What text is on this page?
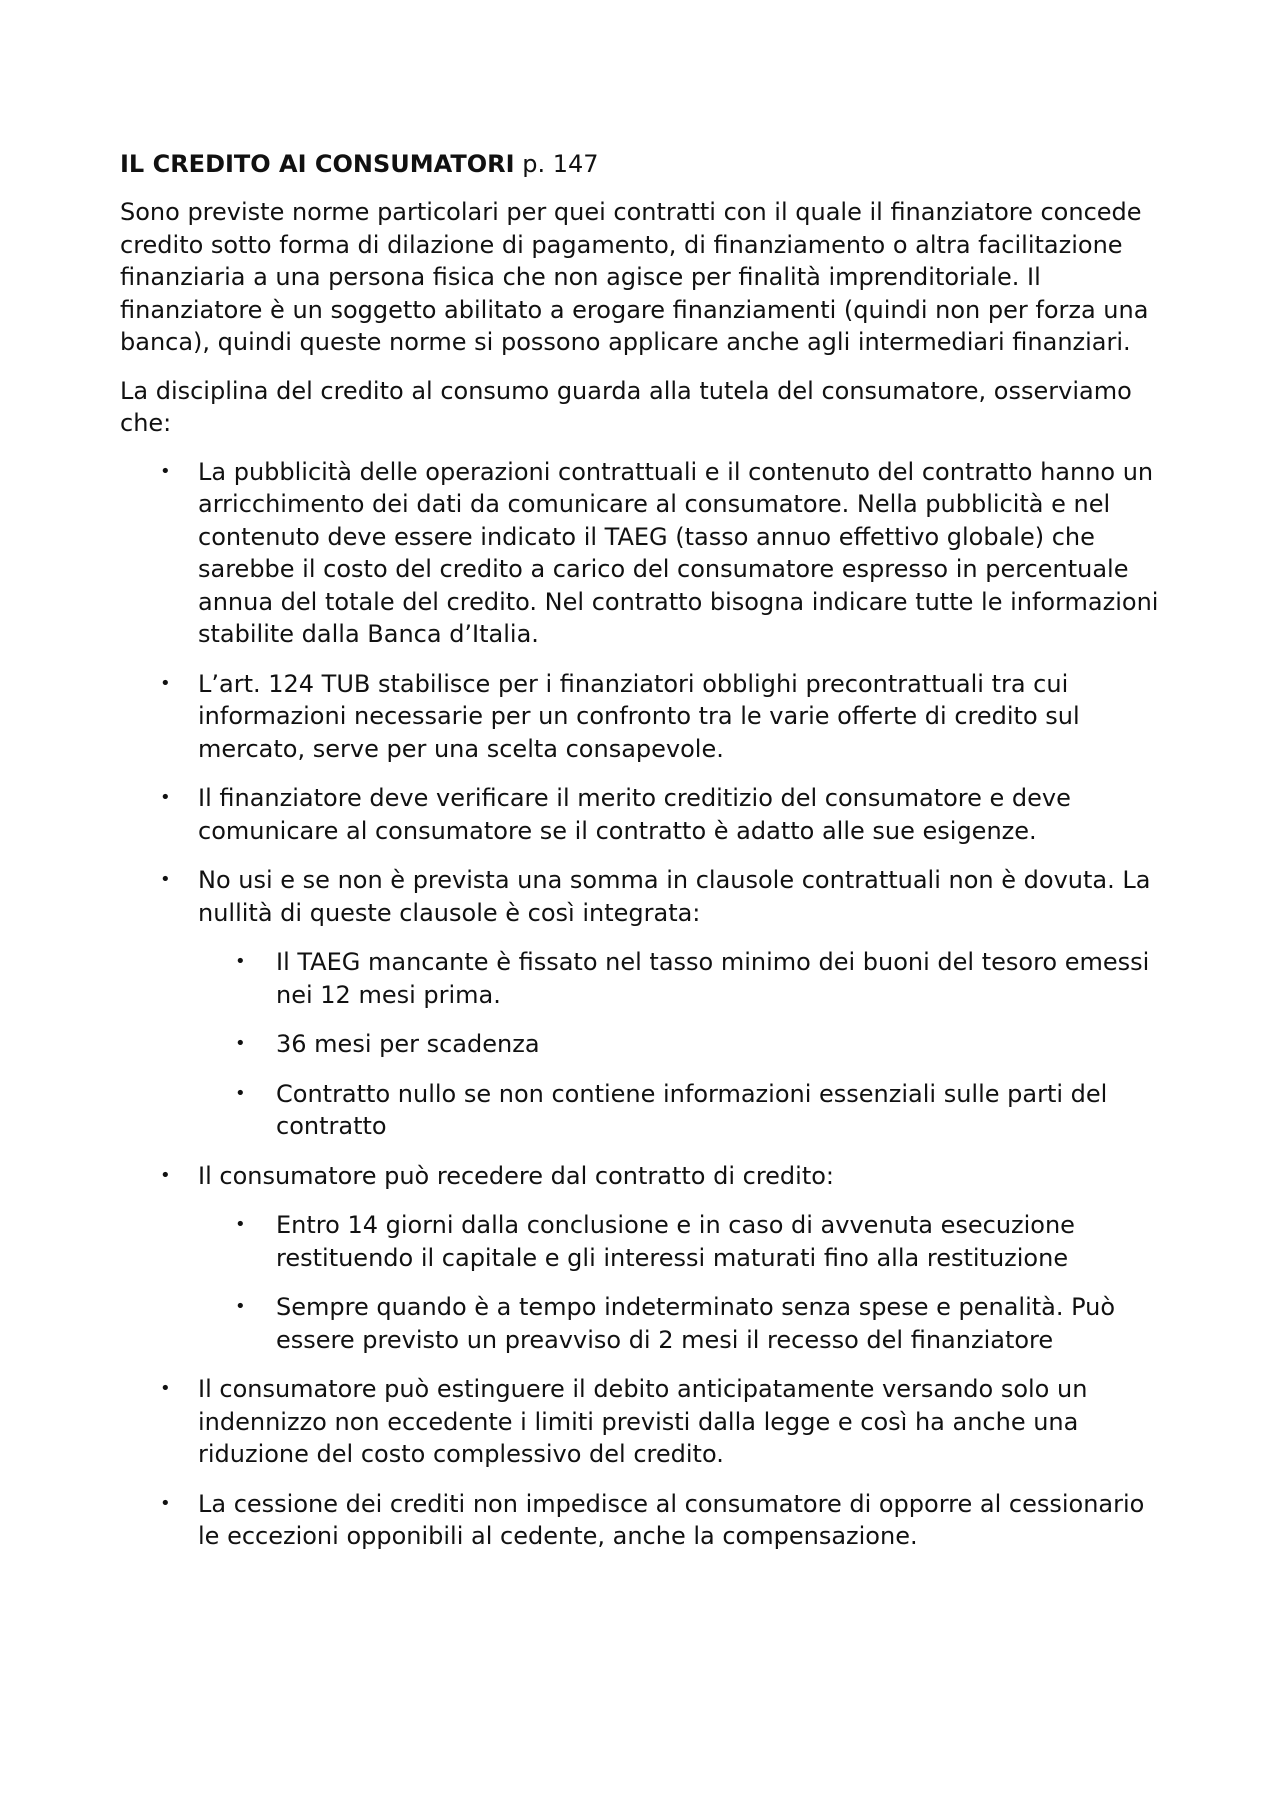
IL CREDITO AI CONSUMATORI p. 147

Sono previste norme particolari per quei contratti con il quale il finanziatore concede credito sotto forma di dilazione di pagamento, di finanziamento o altra facilitazione finanziaria a una persona fisica che non agisce per finalità imprenditoriale. Il finanziatore è un soggetto abilitato a erogare finanziamenti (quindi non per forza una banca), quindi queste norme si possono applicare anche agli intermediari finanziari.

La disciplina del credito al consumo guarda alla tutela del consumatore, osserviamo che:

• La pubblicità delle operazioni contrattuali e il contenuto del contratto hanno un arricchimento dei dati da comunicare al consumatore. Nella pubblicità e nel contenuto deve essere indicato il TAEG (tasso annuo effettivo globale) che sarebbe il costo del credito a carico del consumatore espresso in percentuale annua del totale del credito. Nel contratto bisogna indicare tutte le informazioni stabilite dalla Banca d’Italia.
• L’art. 124 TUB stabilisce per i finanziatori obblighi precontrattuali tra cui informazioni necessarie per un confronto tra le varie offerte di credito sul mercato, serve per una scelta consapevole.
• Il finanziatore deve verificare il merito creditizio del consumatore e deve comunicare al consumatore se il contratto è adatto alle sue esigenze.
• No usi e se non è prevista una somma in clausole contrattuali non è dovuta. La nullità di queste clausole è così integrata:
• Il TAEG mancante è fissato nel tasso minimo dei buoni del tesoro emessi nei 12 mesi prima.
• 36 mesi per scadenza
• Contratto nullo se non contiene informazioni essenziali sulle parti del contratto
• Il consumatore può recedere dal contratto di credito:
• Entro 14 giorni dalla conclusione e in caso di avvenuta esecuzione restituendo il capitale e gli interessi maturati fino alla restituzione
• Sempre quando è a tempo indeterminato senza spese e penalità. Può essere previsto un preavviso di 2 mesi il recesso del finanziatore
• Il consumatore può estinguere il debito anticipatamente versando solo un indennizzo non eccedente i limiti previsti dalla legge e così ha anche una riduzione del costo complessivo del credito.
• La cessione dei crediti non impedisce al consumatore di opporre al cessionario le eccezioni opponibili al cedente, anche la compensazione.
